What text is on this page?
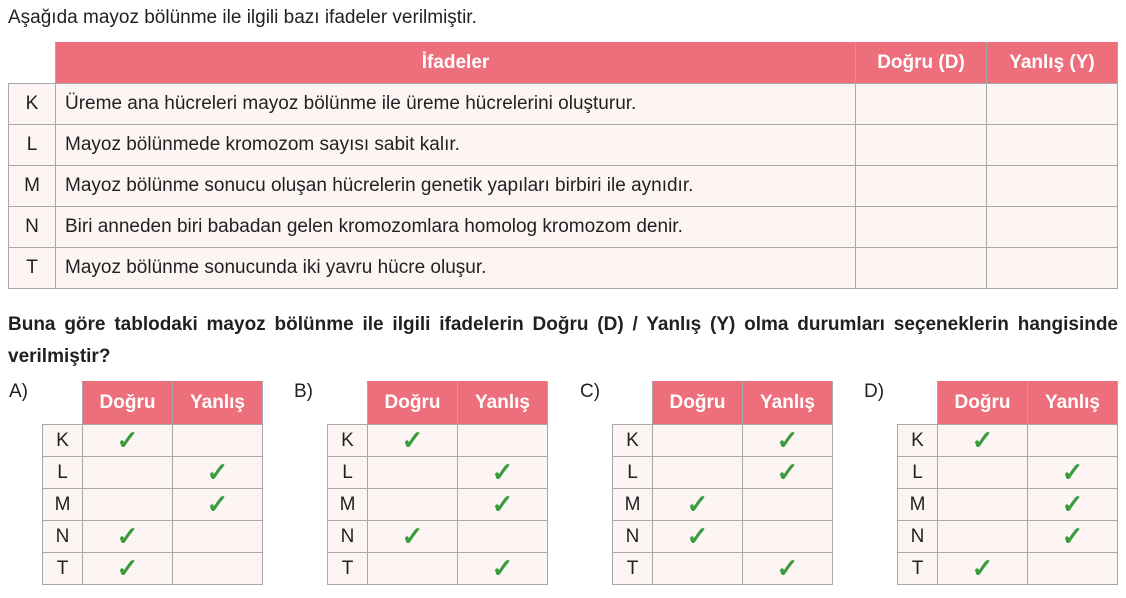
Aşağıda mayoz bölünme ile ilgili bazı ifadeler verilmiştir.
	İfadeler	Doğru (D)	Yanlış (Y)
K	Üreme ana hücreleri mayoz bölünme ile üreme hücrelerini oluşturur.		
L	Mayoz bölünmede kromozom sayısı sabit kalır.		
M	Mayoz bölünme sonucu oluşan hücrelerin genetik yapıları birbiri ile aynıdır.		
N	Biri anneden biri babadan gelen kromozomlara homolog kromozom denir.		
T	Mayoz bölünme sonucunda iki yavru hücre oluşur.		
Buna göre tablodaki mayoz bölünme ile ilgili ifadelerin Doğru (D) / Yanlış (Y) olma durumları seçeneklerin hangisinde verilmiştir?
A)
	Doğru	Yanlış
K	✓	
L		✓
M		✓
N	✓	
T	✓	
B)
	Doğru	Yanlış
K	✓	
L		✓
M		✓
N	✓	
T		✓
C)
	Doğru	Yanlış
K		✓
L		✓
M	✓	
N	✓	
T		✓
D)
	Doğru	Yanlış
K	✓	
L		✓
M		✓
N		✓
T	✓	
